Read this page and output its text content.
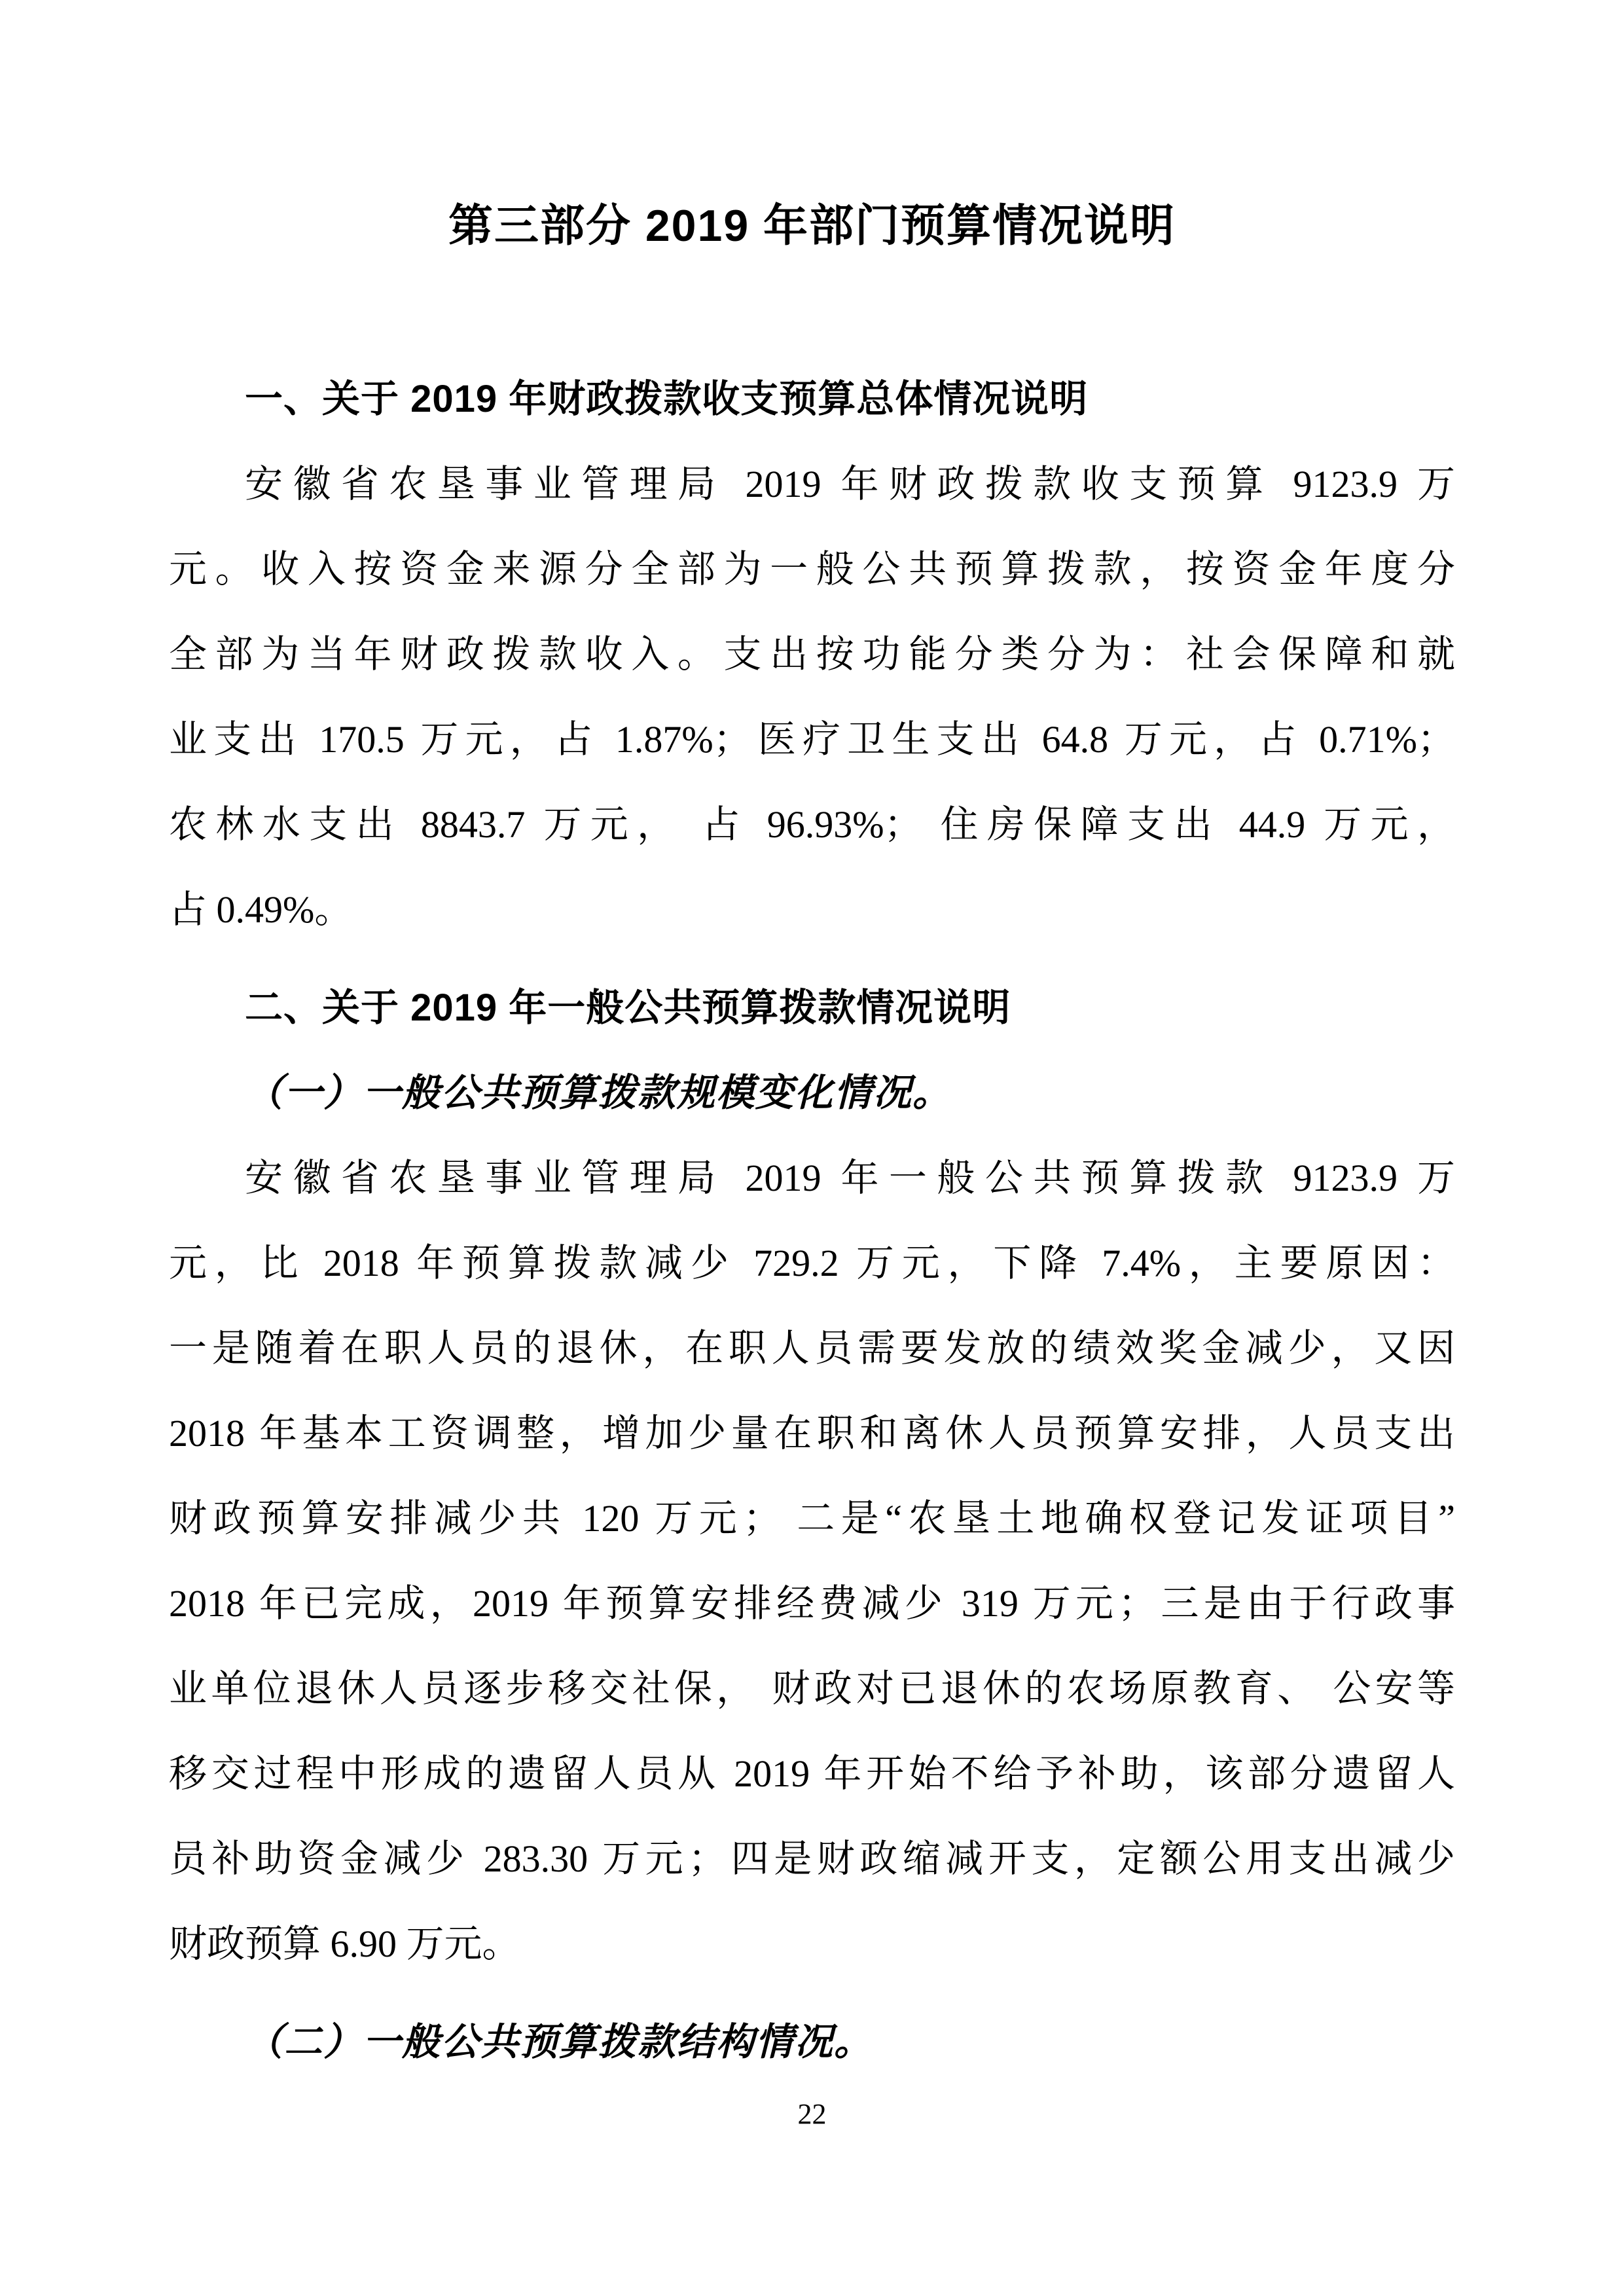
第三部分 2019 年部门预算情况说明
一、关于 2019 年财政拨款收支预算总体情况说明
安徽省农垦事业管理局 2019 年财政拨款收支预算 9123.9 万
元。收入按资金来源分全部为一般公共预算拨款，按资金年度分
全部为当年财政拨款收入。支出按功能分类分为：社会保障和就
业支出 170.5 万元，占 1.87%；医疗卫生支出 64.8 万元，占 0.71%；
农林水支出 8843.7 万元， 占 96.93%； 住房保障支出 44.9 万元，
占 0.49%。
二、关于 2019 年一般公共预算拨款情况说明
（一）一般公共预算拨款规模变化情况。
安徽省农垦事业管理局 2019 年一般公共预算拨款 9123.9 万
元，比 2018 年预算拨款减少 729.2 万元，下降 7.4%，主要原因：
一是随着在职人员的退休，在职人员需要发放的绩效奖金减少，又因
2018 年基本工资调整，增加少量在职和离休人员预算安排，人员支出
财政预算安排减少共 120 万元； 二是“农垦土地确权登记发证项目”
2018 年已完成，2019 年预算安排经费减少 319 万元；三是由于行政事
业单位退休人员逐步移交社保， 财政对已退休的农场原教育、 公安等
移交过程中形成的遗留人员从 2019 年开始不给予补助，该部分遗留人
员补助资金减少 283.30 万元；四是财政缩减开支，定额公用支出减少
财政预算 6.90 万元。
（二）一般公共预算拨款结构情况。
22
